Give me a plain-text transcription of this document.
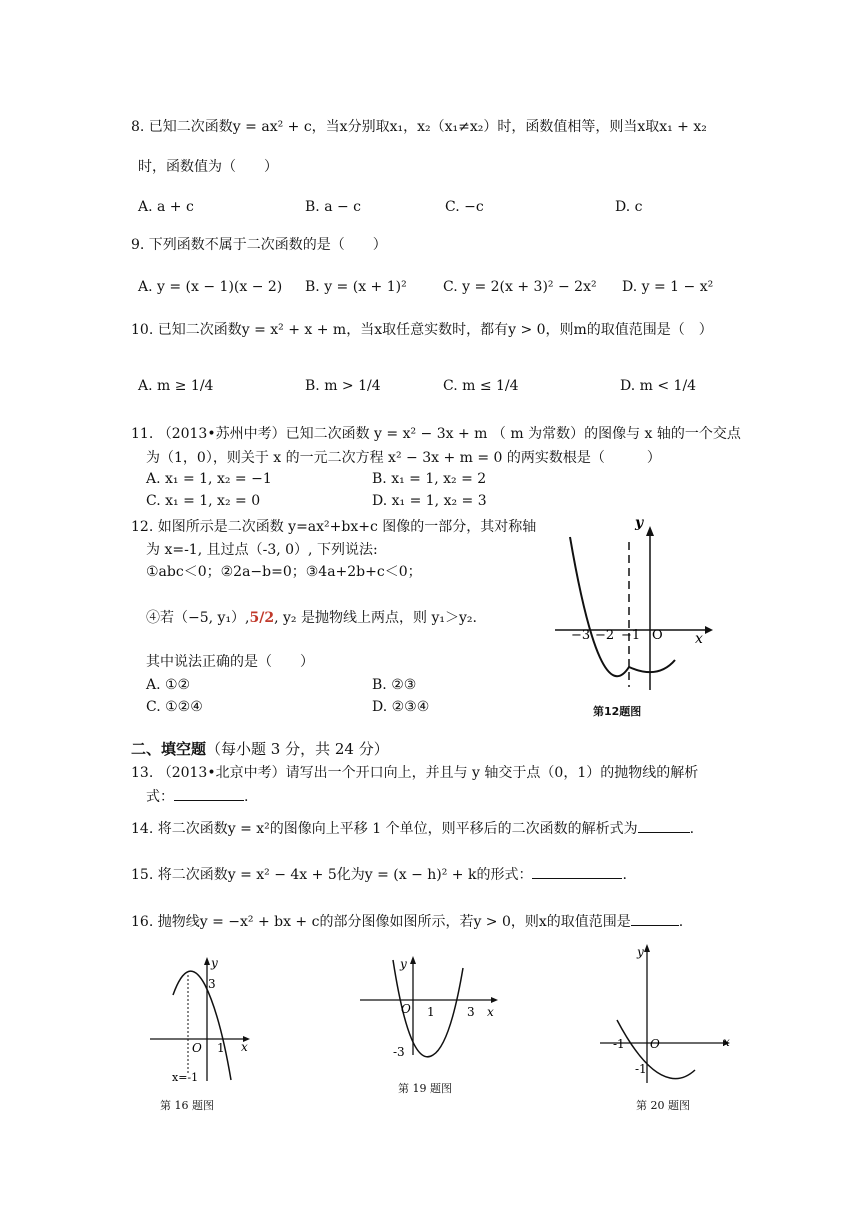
8. 已知二次函数y = ax² + c，当x分别取x₁，x₂（x₁≠x₂）时，函数值相等，则当x取x₁ + x₂
时，函数值为（　　）
A. a + c	B. a − c	C. −c	D. c
9. 下列函数不属于二次函数的是（　　）
A. y = (x − 1)(x − 2) B. y = (x + 1)²	C. y = 2(x + 3)² − 2x² D. y = 1 − x²
10. 已知二次函数y = x² + x + m，当x取任意实数时，都有y > 0，则m的取值范围是（　）
A. m ≥ 1/4	B. m > 1/4	C. m ≤ 1/4	D. m < 1/4
11. （2013•苏州中考）已知二次函数 y = x² − 3x + m （ m 为常数）的图像与 x 轴的一个交点
为（1，0），则关于 x 的一元二次方程 x² − 3x + m = 0 的两实数根是（　　　）
A. x₁ = 1, x₂ = −1	B. x₁ = 1, x₂ = 2
C. x₁ = 1, x₂ = 0	D. x₁ = 1, x₂ = 3
12. 如图所示是二次函数 y=ax²+bx+c 图像的一部分，其对称轴
为 x=-1, 且过点（-3, 0）, 下列说法:
①abc＜0；②2a−b=0；③4a+2b+c＜0；
④若（−5, y₁）,5/2, y₂ 是抛物线上两点，则 y₁＞y₂.
其中说法正确的是（　　）
A. ①②	B. ②③
C. ①②④	D. ②③④
y
x
−3 −2 −1 O
第12题图
二、填空题（每小题 3 分，共 24 分）
13. （2013•北京中考）请写出一个开口向上，并且与 y 轴交于点（0，1）的抛物线的解析
式：	.
14. 将二次函数y = x²的图像向上平移 1 个单位，则平移后的二次函数的解析式为	.
15. 将二次函数y = x² − 4x + 5化为y = (x − h)² + k的形式：	.
16. 抛物线y = −x² + bx + c的部分图像如图所示，若y > 0，则x的取值范围是	.
y
x
3
O 1
x=-1
第 16 题图
y
x
O 1	3
-3
第 19 题图
y
x
O
-1
-1
第 20 题图
